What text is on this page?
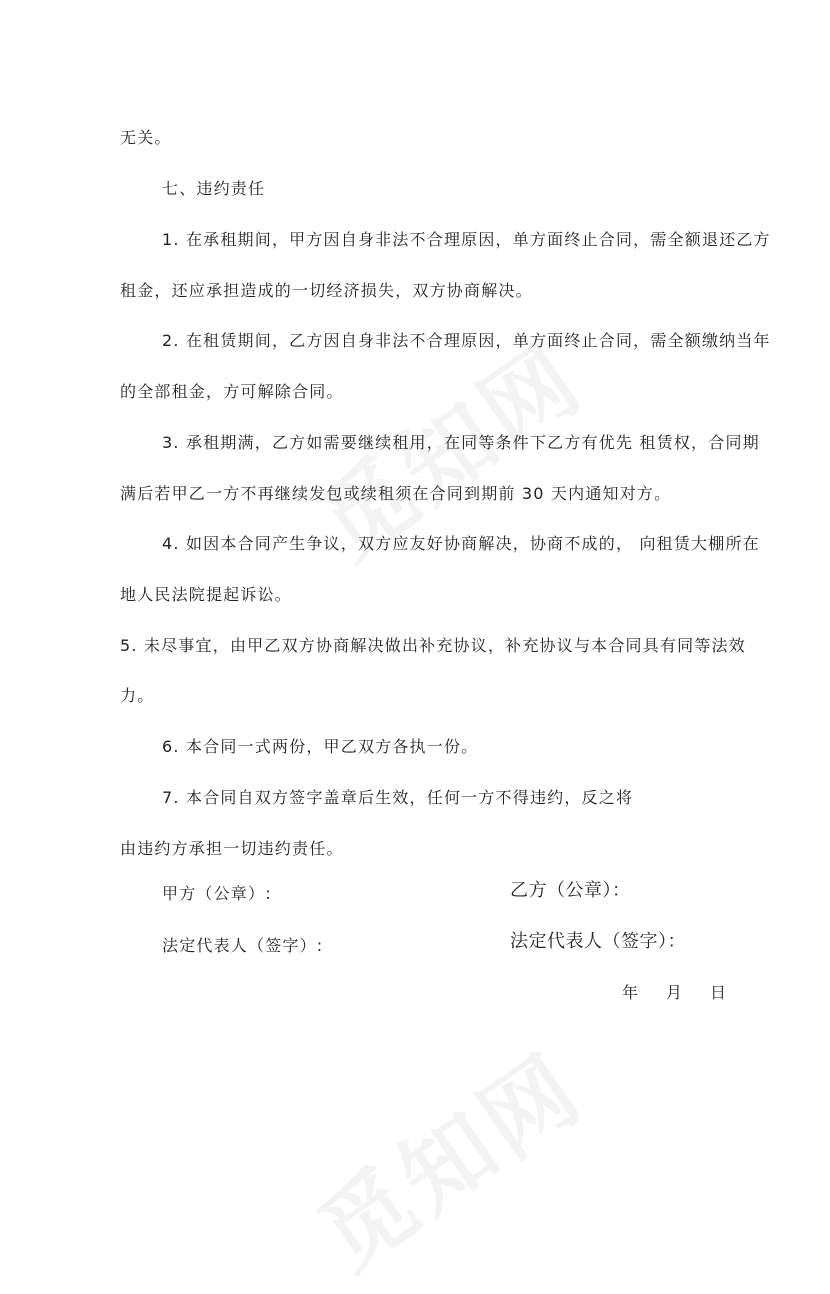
无关。
七、违约责任
1. 在承租期间，甲方因自身非法不合理原因，单方面终止合同，需全额退还乙方
租金，还应承担造成的一切经济损失，双方协商解决。
2. 在租赁期间，乙方因自身非法不合理原因，单方面终止合同，需全额缴纳当年
的全部租金，方可解除合同。
3. 承租期满，乙方如需要继续租用，在同等条件下乙方有优先 租赁权，合同期
满后若甲乙一方不再继续发包或续租须在合同到期前 30 天内通知对方。
4. 如因本合同产生争议，双方应友好协商解决，协商不成的， 向租赁大棚所在
地人民法院提起诉讼。
5. 未尽事宜，由甲乙双方协商解决做出补充协议，补充协议与本合同具有同等法效
力。
6. 本合同一式两份，甲乙双方各执一份。
7. 本合同自双方签字盖章后生效，任何一方不得违约，反之将
由违约方承担一切违约责任。
甲方（公章）:	乙方（公章）：
法定代表人（签字）:	法定代表人（签字）：
年　月　日
